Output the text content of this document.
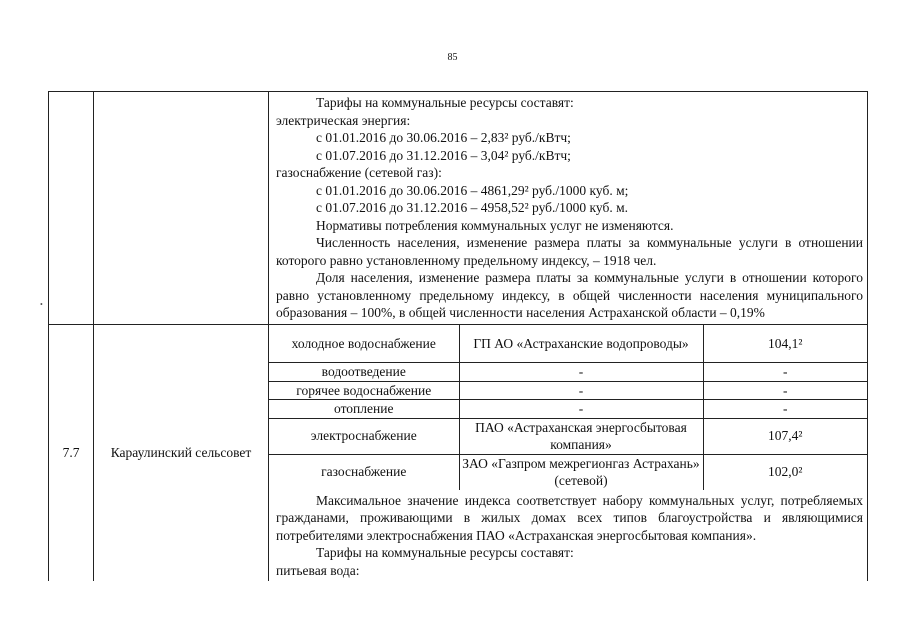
85

Тарифы на коммунальные ресурсы составят:

электрическая энергия:

с 01.01.2016 до 30.06.2016 – 2,83² руб./кВтч;

с 01.07.2016 до 31.12.2016 – 3,04² руб./кВтч;

газоснабжение (сетевой газ):

с 01.01.2016 до 30.06.2016 – 4861,29² руб./1000 куб. м;

с 01.07.2016 до 31.12.2016 – 4958,52² руб./1000 куб. м.

Нормативы потребления коммунальных услуг не изменяются.

Численность населения, изменение размера платы за коммунальные услуги в отношении которого равно установленному предельному индексу, – 1918 чел.

Доля населения, изменение размера платы за коммунальные услуги в отношении которого равно установленному предельному индексу, в общей численности населения муниципального образования – 100%, в общей численности населения Астраханской области – 0,19%

7.7	Караулинский сельсовет	
холодное водоснабжение	ГП АО «Астраханские водопроводы»	104,1²
водоотведение	-	-
горячее водоснабжение	-	-
отопление	-	-
электроснабжение	ПАО «Астраханская энергосбытовая компания»	107,4²
газоснабжение	ЗАО «Газпром межрегионгаз Астрахань» (сетевой)	102,0²

Максимальное значение индекса соответствует набору коммунальных услуг, потребляемых гражданами, проживающими в жилых домах всех типов благоустройства и являющимися потребителями электроснабжения ПАО «Астраханская энергосбытовая компания».

Тарифы на коммунальные ресурсы составят:

питьевая вода:

•
